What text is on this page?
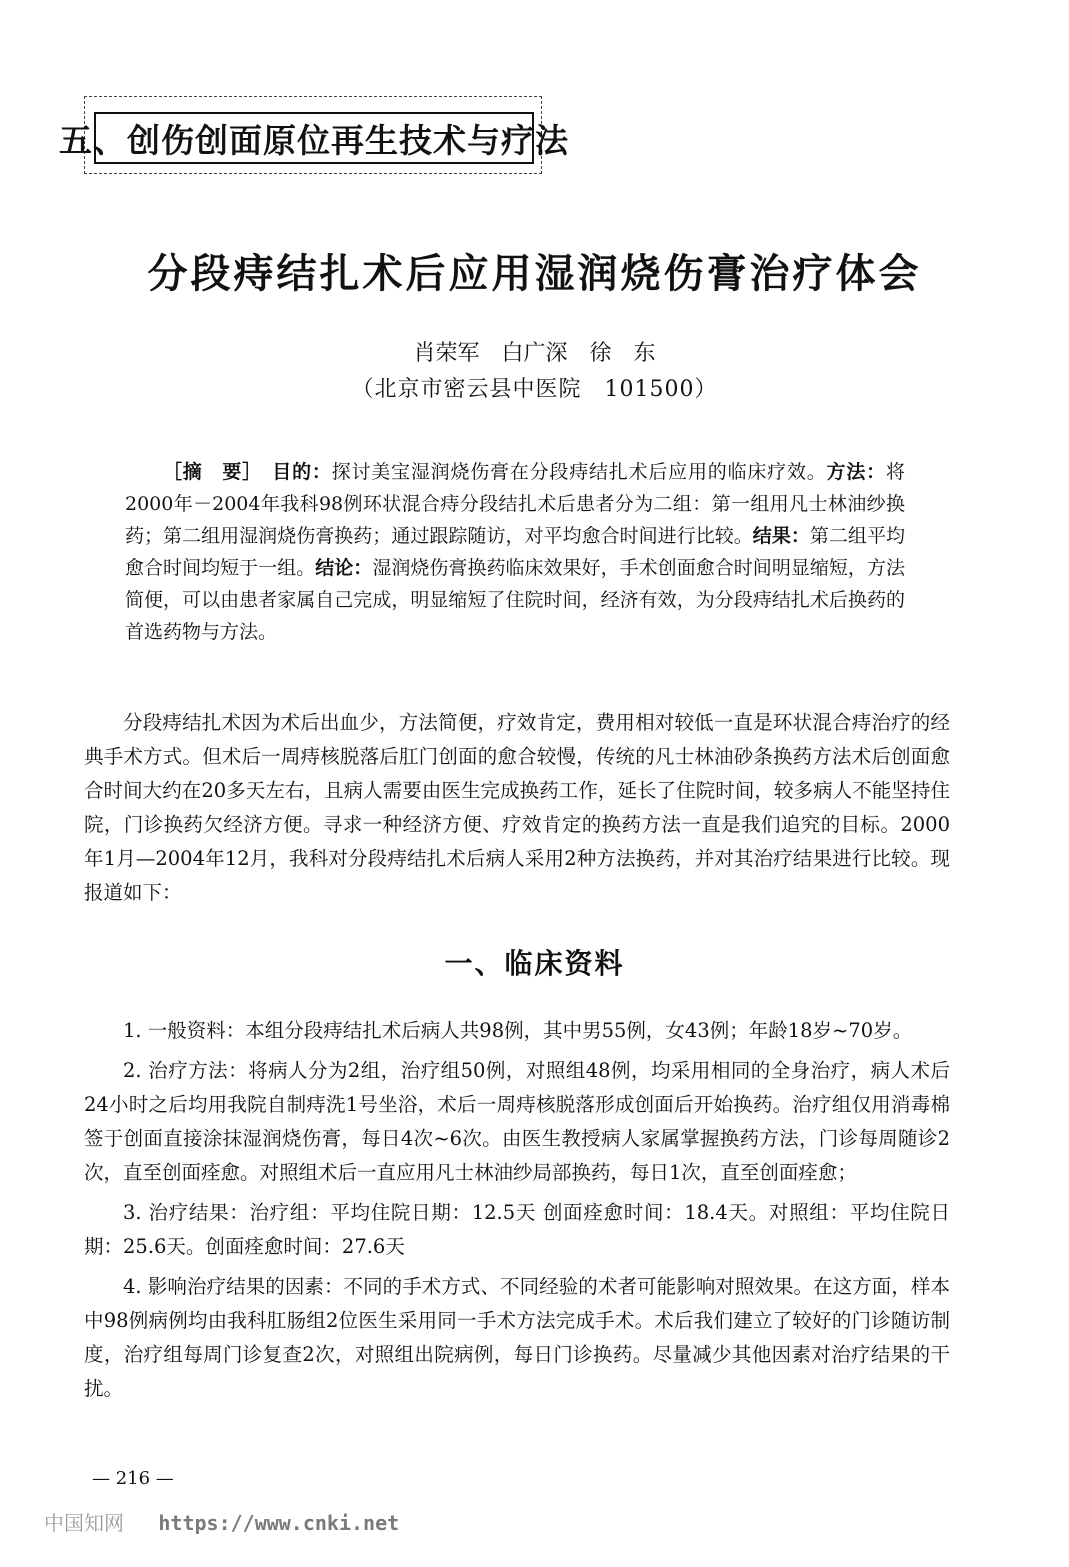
五、创伤创面原位再生技术与疗法
分段痔结扎术后应用湿润烧伤膏治疗体会
肖荣军　白广深　徐　东
（北京市密云县中医院　101500）

［摘　要］　 目的：探讨美宝湿润烧伤膏在分段痔结扎术后应用的临床疗效。方法：将2000年－2004年我科98例环状混合痔分段结扎术后患者分为二组：第一组用凡士林油纱换药；第二组用湿润烧伤膏换药；通过跟踪随访，对平均愈合时间进行比较。结果：第二组平均愈合时间均短于一组。结论：湿润烧伤膏换药临床效果好，手术创面愈合时间明显缩短，方法简便，可以由患者家属自己完成，明显缩短了住院时间，经济有效，为分段痔结扎术后换药的首选药物与方法。

分段痔结扎术因为术后出血少，方法简便，疗效肯定，费用相对较低一直是环状混合痔治疗的经典手术方式。但术后一周痔核脱落后肛门创面的愈合较慢，传统的凡士林油砂条换药方法术后创面愈合时间大约在20多天左右，且病人需要由医生完成换药工作，延长了住院时间，较多病人不能坚持住院，门诊换药欠经济方便。寻求一种经济方便、疗效肯定的换药方法一直是我们追究的目标。2000年1月—2004年12月，我科对分段痔结扎术后病人采用2种方法换药，并对其治疗结果进行比较。现报道如下：

一、临床资料

1. 一般资料：本组分段痔结扎术后病人共98例，其中男55例，女43例；年龄18岁~70岁。

2. 治疗方法：将病人分为2组，治疗组50例，对照组48例，均采用相同的全身治疗，病人术后24小时之后均用我院自制痔洗1号坐浴，术后一周痔核脱落形成创面后开始换药。治疗组仅用消毒棉签于创面直接涂抹湿润烧伤膏，每日4次~6次。由医生教授病人家属掌握换药方法，门诊每周随诊2次，直至创面痊愈。对照组术后一直应用凡士林油纱局部换药，每日1次，直至创面痊愈；

3. 治疗结果：治疗组：平均住院日期：12.5天 创面痊愈时间：18.4天。对照组：平均住院日期：25.6天。创面痊愈时间：27.6天

4. 影响治疗结果的因素：不同的手术方式、不同经验的术者可能影响对照效果。在这方面，样本中98例病例均由我科肛肠组2位医生采用同一手术方法完成手术。术后我们建立了较好的门诊随访制度，治疗组每周门诊复查2次，对照组出院病例，每日门诊换药。尽量减少其他因素对治疗结果的干扰。

— 216 —
中国知网 https://www.cnki.net
